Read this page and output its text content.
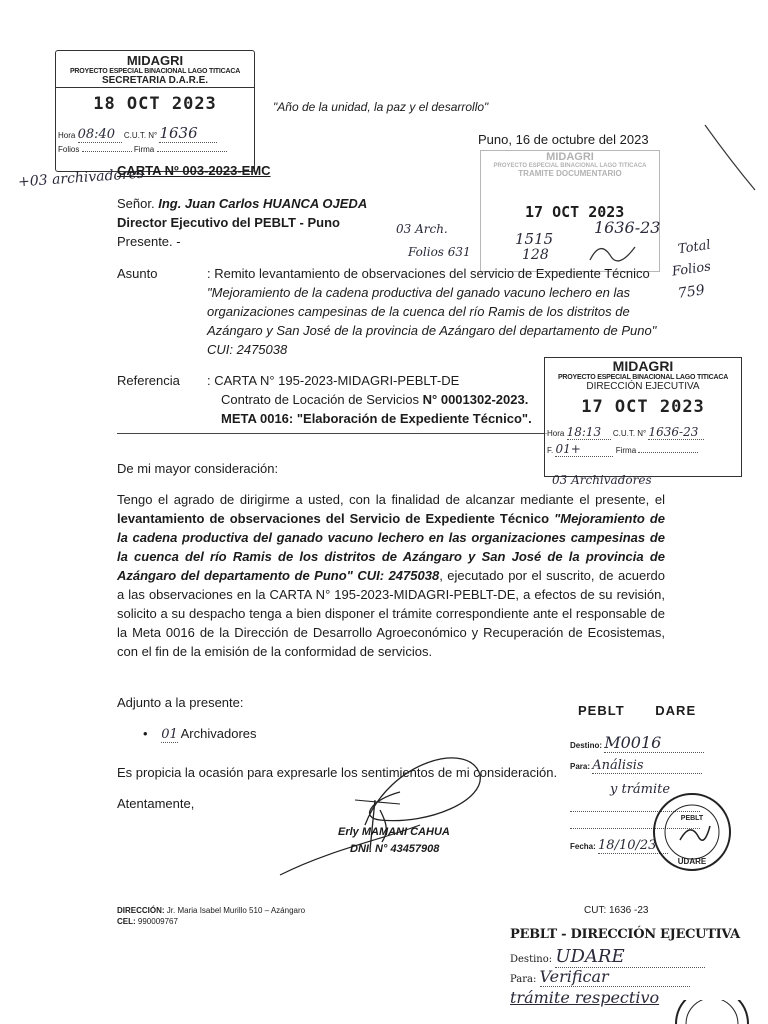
MIDAGRI
PROYECTO ESPECIAL BINACIONAL LAGO TITICACA
SECRETARIA D.A.R.E.
18 OCT 2023
Hora 08:40 C.U.T. N° 1636
Folios	Firma
+03 archivadores
"Año de la unidad, la paz y el desarrollo"
Puno, 16 de octubre del 2023
CARTA Nº 003-2023-EMC
MIDAGRI
PROYECTO ESPECIAL BINACIONAL LAGO TITICACA
TRAMITE DOCUMENTARIO
17 OCT 2023
1515
1636-23
128
03 Arch.
Folios 631	Total
Folios
759
Señor. Ing. Juan Carlos HUANCA OJEDA
Director Ejecutivo del PEBLT - Puno
Presente. -
Asunto	: Remito levantamiento de observaciones del servicio de Expediente Técnico "Mejoramiento de la cadena productiva del ganado vacuno lechero en las organizaciones campesinas de la cuenca del río Ramis de los distritos de Azángaro y San José de la provincia de Azángaro del departamento de Puno" CUI: 2475038
Referencia : CARTA N° 195-2023-MIDAGRI-PEBLT-DE
Contrato de Locación de Servicios N° 0001302-2023.
META 0016: "Elaboración de Expediente Técnico".
MIDAGRI
PROYECTO ESPECIAL BINACIONAL LAGO TITICACA
DIRECCIÓN EJECUTIVA
17 OCT 2023
Hora 18:13 C.U.T. N° 1636-23
F. 01+	Firma
03 Archivadores
De mi mayor consideración:
Tengo el agrado de dirigirme a usted, con la finalidad de alcanzar mediante el presente, el levantamiento de observaciones del Servicio de Expediente Técnico "Mejoramiento de la cadena productiva del ganado vacuno lechero en las organizaciones campesinas de la cuenca del río Ramis de los distritos de Azángaro y San José de la provincia de Azángaro del departamento de Puno" CUI: 2475038, ejecutado por el suscrito, de acuerdo a las observaciones en la CARTA N° 195-2023-MIDAGRI-PEBLT-DE, a efectos de su revisión, solicito a su despacho tenga a bien disponer el trámite correspondiente ante el responsable de la Meta 0016 de la Dirección de Desarrollo Agroeconómico y Recuperación de Ecosistemas, con el fin de la emisión de la conformidad de servicios.
Adjunto a la presente:
• 01 Archivadores
Es propicia la ocasión para expresarle los sentimientos de mi consideración.
Atentamente,
Erly MAMANI CAHUA
DNI. N° 43457908
PEBLT DARE
Destino: M0016
Para: Análisis
y trámite
Fecha: 18/10/23
PEBLT
UDARE
DIRECCIÓN: Jr. Maria Isabel Murillo 510 – Azángaro
CEL: 990009767
CUT: 1636 -23
PEBLT - DIRECCIÓN EJECUTIVA
Destino: UDARE
Para: Verificar
trámite respectivo
